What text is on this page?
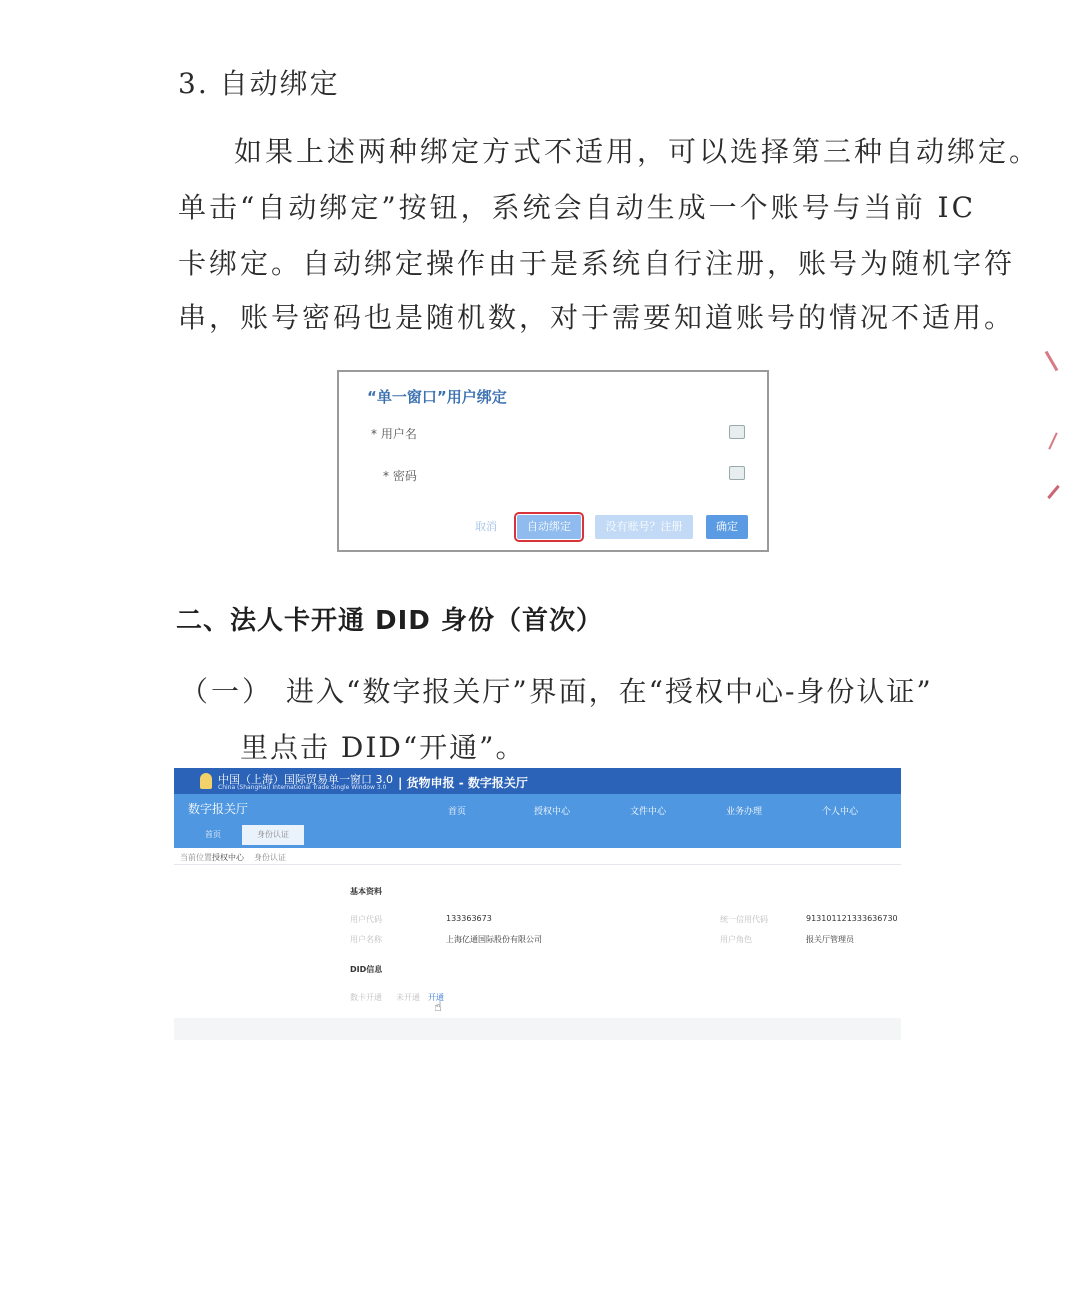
3. 自动绑定
如果上述两种绑定方式不适用，可以选择第三种自动绑定。
单击“自动绑定”按钮，系统会自动生成一个账号与当前 IC
卡绑定。自动绑定操作由于是系统自行注册，账号为随机字符
串，账号密码也是随机数，对于需要知道账号的情况不适用。
“单一窗口”用户绑定
* 用户名
* 密码
取消	自动绑定	没有账号？注册	确定
二、法人卡开通 DID 身份（首次）
（一） 进入“数字报关厅”界面，在“授权中心-身份认证”
里点击 DID“开通”。
中国（上海）国际贸易单一窗口 3.0
China (ShangHai) International Trade Single Window 3.0 | 货物申报 - 数字报关厅
数字报关厅	首页	授权中心	文件中心	业务办理	个人中心
首页	身份认证
当前位置 授权中心 身份认证
基本资料
用户代码	133363673	统一信用代码	913101121333636730
用户名称	上海亿通国际股份有限公司	用户角色	报关厅管理员
DID信息
数卡开通 未开通 开通
☝
